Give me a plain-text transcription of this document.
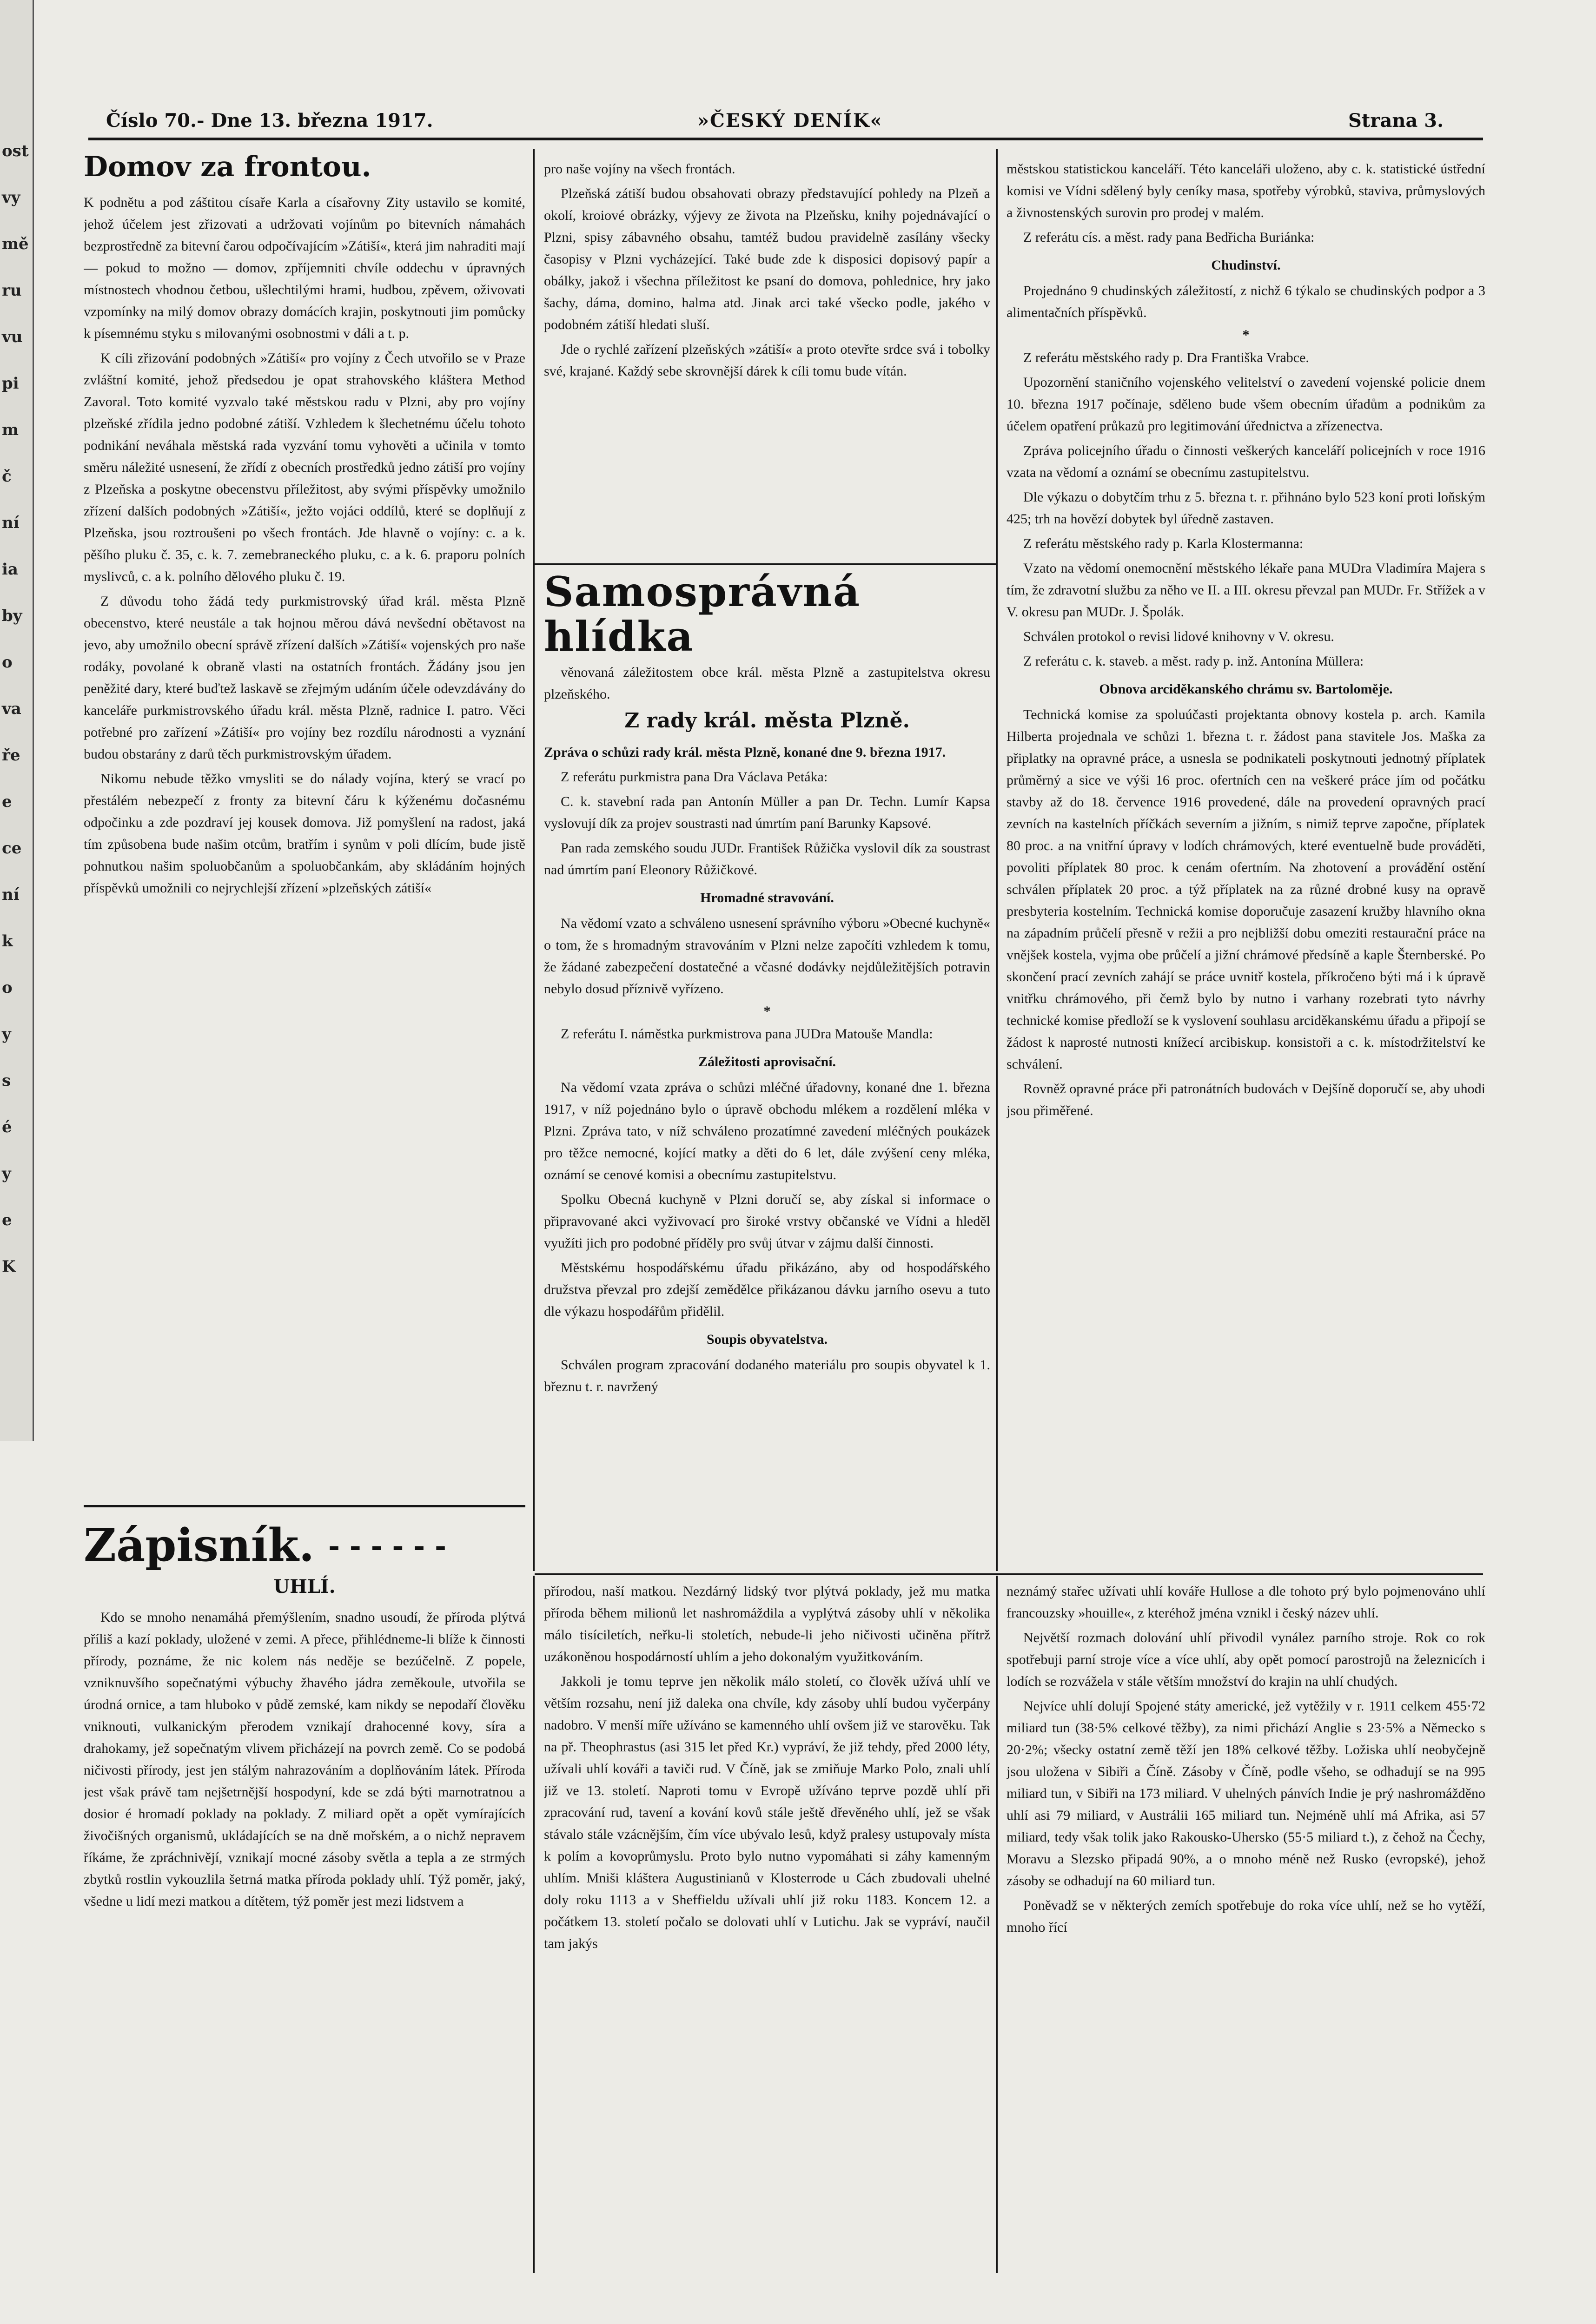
ost
vy
mě
ru
vu
pi
m
č
ní
ia
by
o
va
ře
e
ce
ní
k
o
y
s
é
y
e
K
Číslo 70.- Dne 13. března 1917.	»ČESKÝ DENÍK«	Strana 3.
Domov za frontou.

K podnětu a pod záštitou císaře Karla a císařovny Zity ustavilo se komité, jehož účelem jest zřizovati a udržovati vojínům po bitevních námahách bezprostředně za bitevní čarou odpočívajícím »Zátiší«, která jim nahraditi mají — pokud to možno — domov, zpříjemniti chvíle oddechu v úpravných místnostech vhodnou četbou, ušlechtilými hrami, hudbou, zpěvem, oživovati vzpomínky na milý domov obrazy domácích krajin, poskytnouti jim pomůcky k písemnému styku s milovanými osobnostmi v dáli a t. p.

K cíli zřizování podobných »Zátiší« pro vojíny z Čech utvořilo se v Praze zvláštní komité, jehož předsedou je opat strahovského kláštera Method Zavoral. Toto komité vyzvalo také městskou radu v Plzni, aby pro vojíny plzeňské zřídila jedno podobné zátiší. Vzhledem k šlechetnému účelu tohoto podnikání neváhala městská rada vyzvání tomu vyhověti a učinila v tomto směru náležité usnesení, že zřídí z obecních prostředků jedno zátiší pro vojíny z Plzeňska a poskytne obecenstvu příležitost, aby svými příspěvky umožnilo zřízení dalších podobných »Zátiší«, ježto vojáci oddílů, které se doplňují z Plzeňska, jsou roztroušeni po všech frontách. Jde hlavně o vojíny: c. a k. pěšího pluku č. 35, c. k. 7. zemebraneckého pluku, c. a k. 6. praporu polních myslivců, c. a k. polního dělového pluku č. 19.

Z důvodu toho žádá tedy purkmistrovský úřad král. města Plzně obecenstvo, které neustále a tak hojnou měrou dává nevšední obětavost na jevo, aby umožnilo obecní správě zřízení dalších »Zátiší« vojenských pro naše rodáky, povolané k obraně vlasti na ostatních frontách. Žádány jsou jen peněžité dary, které buďtež laskavě se zřejmým udáním účele odevzdávány do kanceláře purkmistrovského úřadu král. města Plzně, radnice I. patro. Věci potřebné pro zařízení »Zátiší« pro vojíny bez rozdílu národnosti a vyznání budou obstarány z darů těch purkmistrovským úřadem.

Nikomu nebude těžko vmysliti se do nálady vojína, který se vrací po přestálém nebezpečí z fronty za bitevní čáru k kýženému dočasnému odpočinku a zde pozdraví jej kousek domova. Již pomyšlení na radost, jaká tím způsobena bude našim otcům, bratřím i synům v poli dlícím, bude jistě pohnutkou našim spoluobčanům a spoluobčankám, aby skládáním hojných příspěvků umožnili co nejrychlejší zřízení »plzeňských zátiší«

pro naše vojíny na všech frontách.

Plzeňská zátiší budou obsahovati obrazy představující pohledy na Plzeň a okolí, kroiové obrázky, výjevy ze života na Plzeňsku, knihy pojednávající o Plzni, spisy zábavného obsahu, tamtéž budou pravidelně zasílány všecky časopisy v Plzni vycházející. Také bude zde k disposici dopisový papír a obálky, jakož i všechna příležitost ke psaní do domova, pohlednice, hry jako šachy, dáma, domino, halma atd. Jinak arci také všecko podle, jakého v podobném zátiší hledati sluší.

Jde o rychlé zařízení plzeňských »zátiší« a proto otevřte srdce svá i tobolky své, krajané. Každý sebe skrovnější dárek k cíli tomu bude vítán.

Samosprávná hlídka

věnovaná záležitostem obce král. města Plzně a zastupitelstva okresu plzeňského.

Z rady král. města Plzně.

Zpráva o schůzi rady král. města Plzně, konané dne 9. března 1917.

Z referátu purkmistra pana Dra Václava Petáka:

C. k. stavební rada pan Antonín Müller a pan Dr. Techn. Lumír Kapsa vyslovují dík za projev soustrasti nad úmrtím paní Barunky Kapsové.

Pan rada zemského soudu JUDr. František Růžička vyslovil dík za soustrast nad úmrtím paní Eleonory Růžičkové.

Hromadné stravování.

Na vědomí vzato a schváleno usnesení správního výboru »Obecné kuchyně« o tom, že s hromadným stravováním v Plzni nelze započíti vzhledem k tomu, že žádané zabezpečení dostatečné a včasné dodávky nejdůležitějších potravin nebylo dosud příznivě vyřízeno.

*

Z referátu I. náměstka purkmistrova pana JUDra Matouše Mandla:

Záležitosti aprovisační.

Na vědomí vzata zpráva o schůzi mléčné úřadovny, konané dne 1. března 1917, v níž pojednáno bylo o úpravě obchodu mlékem a rozdělení mléka v Plzni. Zpráva tato, v níž schváleno prozatímné zavedení mléčných poukázek pro těžce nemocné, kojící matky a děti do 6 let, dále zvýšení ceny mléka, oznámí se cenové komisi a obecnímu zastupitelstvu.

Spolku Obecná kuchyně v Plzni doručí se, aby získal si informace o připravované akci vyživovací pro široké vrstvy občanské ve Vídni a hleděl využíti jich pro podobné příděly pro svůj útvar v zájmu další činnosti.

Městskému hospodářskému úřadu přikázáno, aby od hospodářského družstva převzal pro zdejší zemědělce přikázanou dávku jarního osevu a tuto dle výkazu hospodářům přidělil.

Soupis obyvatelstva.

Schválen program zpracování dodaného materiálu pro soupis obyvatel k 1. březnu t. r. navržený

městskou statistickou kanceláří. Této kanceláři uloženo, aby c. k. statistické ústřední komisi ve Vídni sdělený byly ceníky masa, spotřeby výrobků, staviva, průmyslových a živnostenských surovin pro prodej v malém.

Z referátu cís. a měst. rady pana Bedřicha Buriánka:

Chudinství.

Projednáno 9 chudinských záležitostí, z nichž 6 týkalo se chudinských podpor a 3 alimentačních příspěvků.

*

Z referátu městského rady p. Dra Františka Vrabce.

Upozornění staničního vojenského velitelství o zavedení vojenské policie dnem 10. března 1917 počínaje, sděleno bude všem obecním úřadům a podnikům za účelem opatření průkazů pro legitimování úřednictva a zřízenectva.

Zpráva policejního úřadu o činnosti veškerých kanceláří policejních v roce 1916 vzata na vědomí a oznámí se obecnímu zastupitelstvu.

Dle výkazu o dobytčím trhu z 5. března t. r. přihnáno bylo 523 koní proti loňským 425; trh na hovězí dobytek byl úředně zastaven.

Z referátu městského rady p. Karla Klostermanna:

Vzato na vědomí onemocnění městského lékaře pana MUDra Vladimíra Majera s tím, že zdravotní službu za něho ve II. a III. okresu převzal pan MUDr. Fr. Střížek a v V. okresu pan MUDr. J. Špolák.

Schválen protokol o revisi lidové knihovny v V. okresu.

Z referátu c. k. staveb. a měst. rady p. inž. Antonína Müllera:

Obnova arciděkanského chrámu sv. Bartoloměje.

Technická komise za spoluúčasti projektanta obnovy kostela p. arch. Kamila Hilberta projednala ve schůzi 1. března t. r. žádost pana stavitele Jos. Maška za připlatky na opravné práce, a usnesla se podnikateli poskytnouti jednotný příplatek průměrný a sice ve výši 16 proc. ofertních cen na veškeré práce jím od počátku stavby až do 18. července 1916 provedené, dále na provedení opravných prací zevních na kastelních příčkách severním a jižním, s nimiž teprve započne, příplatek 80 proc. a na vnitřní úpravy v lodích chrámových, které eventuelně bude prováděti, povoliti příplatek 80 proc. k cenám ofertním. Na zhotovení a provádění ostění schválen příplatek 20 proc. a týž příplatek na za různé drobné kusy na opravě presbyteria kostelním. Technická komise doporučuje zasazení kružby hlavního okna na západním průčelí přesně v režii a pro nejbližší dobu omeziti restaurační práce na vnějšek kostela, vyjma obe průčelí a jižní chrámové předsíně a kaple Šternberské. Po skončení prací zevních zahájí se práce uvnitř kostela, příkročeno býti má i k úpravě vnitřku chrámového, při čemž bylo by nutno i varhany rozebrati tyto návrhy technické komise předloží se k vyslovení souhlasu arciděkanskému úřadu a připojí se žádost k naprosté nutnosti knížecí arcibiskup. konsistoři a c. k. místodržitelství ke schválení.

Rovněž opravné práce při patronátních budovách v Dejšíně doporučí se, aby uhodi jsou přiměřené.

Zápisník. - - - - - -
UHLÍ.

Kdo se mnoho nenamáhá přemýšlením, snadno usoudí, že příroda plýtvá příliš a kazí poklady, uložené v zemi. A přece, přihlédneme-li blíže k činnosti přírody, poznáme, že nic kolem nás neděje se bezúčelně. Z popele, vzniknuvšího sopečnatými výbuchy žhavého jádra zeměkoule, utvořila se úrodná ornice, a tam hluboko v půdě zemské, kam nikdy se nepodaří člověku vniknouti, vulkanickým přerodem vznikají drahocenné kovy, síra a drahokamy, jež sopečnatým vlivem přicházejí na povrch země. Co se podobá ničivosti přírody, jest jen stálým nahrazováním a doplňováním látek. Příroda jest však právě tam nejšetrnější hospodyní, kde se zdá býti marnotratnou a dosior é hromadí poklady na poklady. Z miliard opět a opět vymírajících živočišných organismů, ukládajících se na dně mořském, a o nichž nepravem říkáme, že zpráchnivějí, vznikají mocné zásoby světla a tepla a ze strmých zbytků rostlin vykouzlila šetrná matka příroda poklady uhlí. Týž poměr, jaký, všedne u lidí mezi matkou a dítětem, týž poměr jest mezi lidstvem a

přírodou, naší matkou. Nezdárný lidský tvor plýtvá poklady, jež mu matka příroda během milionů let nashromáždila a vyplýtvá zásoby uhlí v několika málo tisíciletích, neřku-li stoletích, nebude-li jeho ničivosti učiněna přítrž uzákoněnou hospodárností uhlím a jeho dokonalým využitkováním.

Jakkoli je tomu teprve jen několik málo století, co člověk užívá uhlí ve větším rozsahu, není již daleka ona chvíle, kdy zásoby uhlí budou vyčerpány nadobro. V menší míře užíváno se kamenného uhlí ovšem již ve starověku. Tak na př. Theophrastus (asi 315 let před Kr.) vypráví, že již tehdy, před 2000 léty, užívali uhlí kováři a taviči rud. V Číně, jak se zmiňuje Marko Polo, znali uhlí již ve 13. století. Naproti tomu v Evropě užíváno teprve pozdě uhlí při zpracování rud, tavení a kování kovů stále ještě dřevěného uhlí, jež se však stávalo stále vzácnějším, čím více ubývalo lesů, když pralesy ustupovaly místa k polím a kovoprůmyslu. Proto bylo nutno vypomáhati si záhy kamenným uhlím. Mniši kláštera Augustinianů v Klosterrode u Cách zbudovali uhelné doly roku 1113 a v Sheffieldu užívali uhlí již roku 1183. Koncem 12. a počátkem 13. století počalo se dolovati uhlí v Lutichu. Jak se vypráví, naučil tam jakýs

neznámý stařec užívati uhlí kováře Hullose a dle tohoto prý bylo pojmenováno uhlí francouzsky »houille«, z kteréhož jména vznikl i český název uhlí.

Největší rozmach dolování uhlí přivodil vynález parního stroje. Rok co rok spotřebuji parní stroje více a více uhlí, aby opět pomocí parostrojů na železnicích i lodích se rozvážela v stále větším množství do krajin na uhlí chudých.

Nejvíce uhlí dolují Spojené státy americké, jež vytěžily v r. 1911 celkem 455·72 miliard tun (38·5% celkové těžby), za nimi přichází Anglie s 23·5% a Německo s 20·2%; všecky ostatní země těží jen 18% celkové těžby. Ložiska uhlí neobyčejně jsou uložena v Sibiři a Číně. Zásoby v Číně, podle všeho, se odhadují se na 995 miliard tun, v Sibiři na 173 miliard. V uhelných pánvích Indie je prý nashromážděno uhlí asi 79 miliard, v Austrálii 165 miliard tun. Nejméně uhlí má Afrika, asi 57 miliard, tedy však tolik jako Rakousko-Uhersko (55·5 miliard t.), z čehož na Čechy, Moravu a Slezsko připadá 90%, a o mnoho méně než Rusko (evropské), jehož zásoby se odhadují na 60 miliard tun.

Poněvadž se v některých zemích spotřebuje do roka více uhlí, než se ho vytěží, mnoho řící
